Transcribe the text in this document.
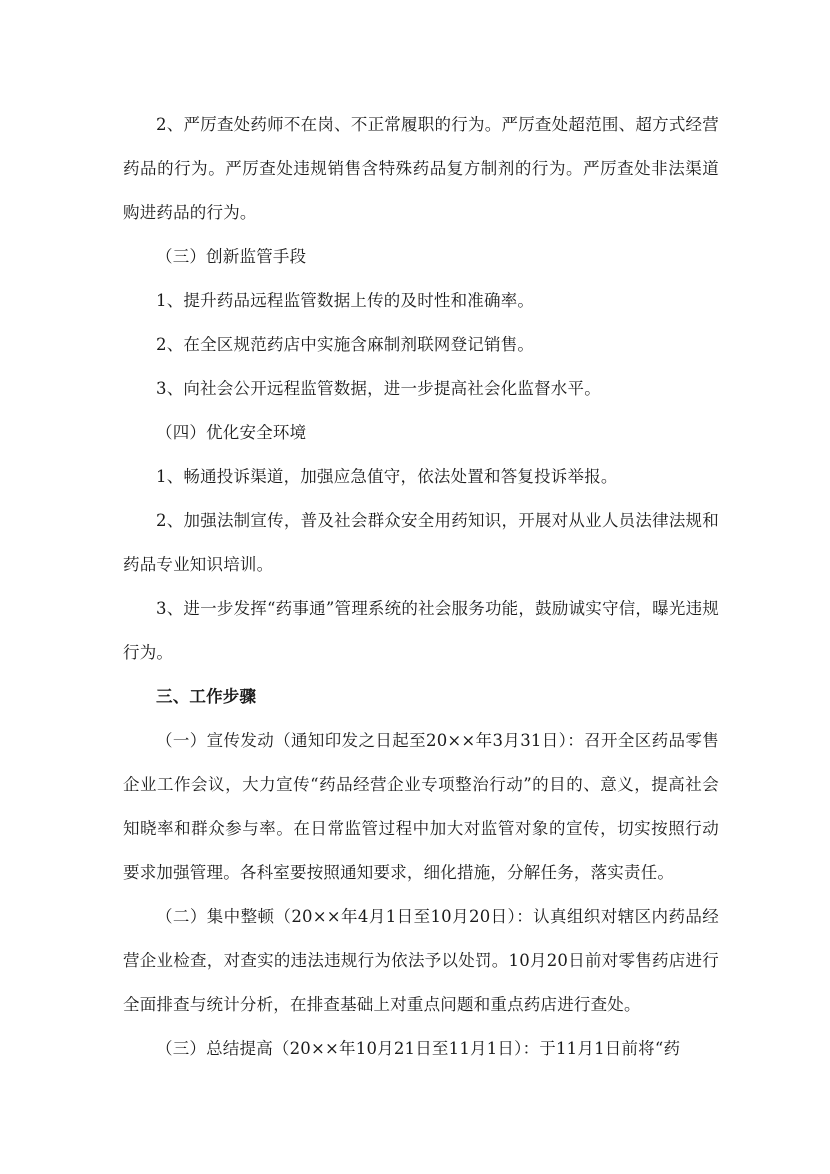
2、严厉查处药师不在岗、不正常履职的行为。严厉查处超范围、超方式经营药品的行为。严厉查处违规销售含特殊药品复方制剂的行为。严厉查处非法渠道购进药品的行为。

（三）创新监管手段

1、提升药品远程监管数据上传的及时性和准确率。

2、在全区规范药店中实施含麻制剂联网登记销售。

3、向社会公开远程监管数据，进一步提高社会化监督水平。

（四）优化安全环境

1、畅通投诉渠道，加强应急值守，依法处置和答复投诉举报。

2、加强法制宣传，普及社会群众安全用药知识，开展对从业人员法律法规和药品专业知识培训。

3、进一步发挥“药事通”管理系统的社会服务功能，鼓励诚实守信，曝光违规行为。

三、工作步骤

（一）宣传发动（通知印发之日起至20××年3月31日）：召开全区药品零售企业工作会议，大力宣传“药品经营企业专项整治行动”的目的、意义，提高社会知晓率和群众参与率。在日常监管过程中加大对监管对象的宣传，切实按照行动要求加强管理。各科室要按照通知要求，细化措施，分解任务，落实责任。

（二）集中整顿（20××年4月1日至10月20日）：认真组织对辖区内药品经营企业检查，对查实的违法违规行为依法予以处罚。10月20日前对零售药店进行全面排查与统计分析，在排查基础上对重点问题和重点药店进行查处。

（三）总结提高（20××年10月21日至11月1日）：于11月1日前将“药
